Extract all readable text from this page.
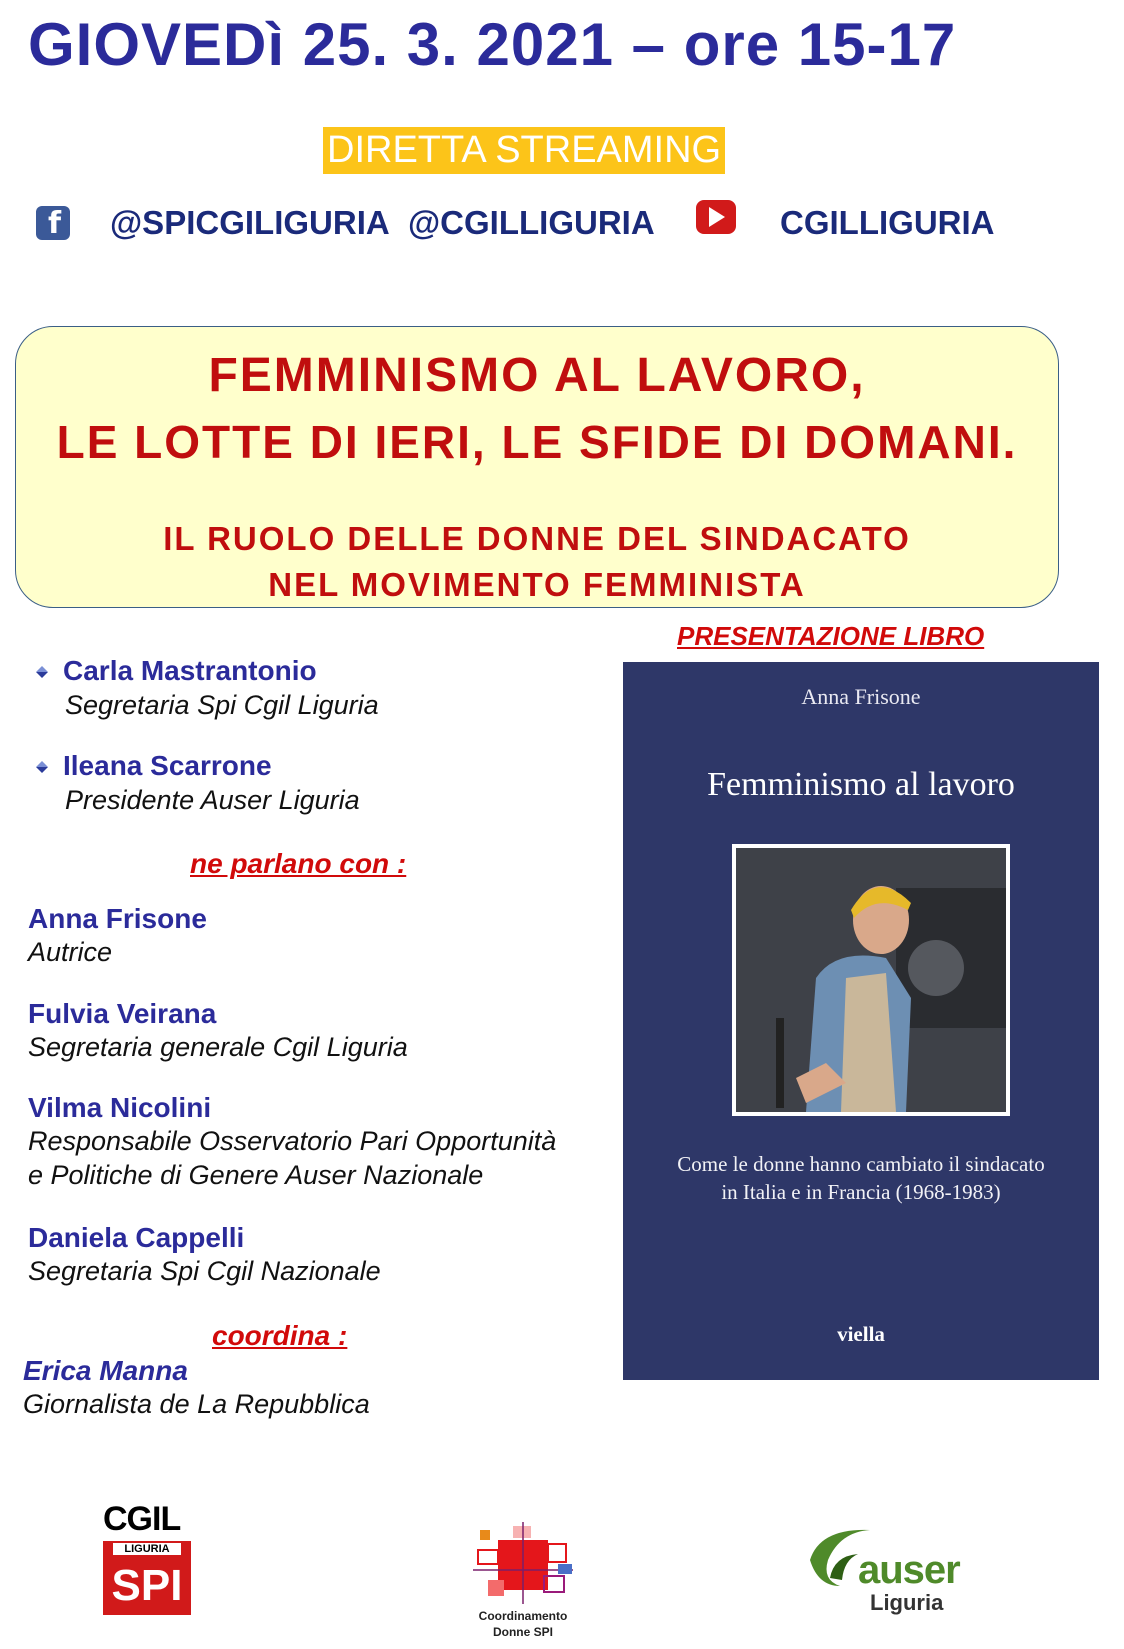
GIOVEDì 25. 3. 2021 – ore 15-17
DIRETTA STREAMING
f @SPICGILIGURIA @CGILLIGURIA	CGILLIGURIA
FEMMINISMO AL LAVORO,
LE LOTTE DI IERI, LE SFIDE DI DOMANI.
IL RUOLO DELLE DONNE DEL SINDACATO
NEL MOVIMENTO FEMMINISTA
Carla Mastrantonio
Segretaria Spi Cgil Liguria
Ileana Scarrone
Presidente Auser Liguria
ne parlano con :
Anna Frisone
Autrice
Fulvia Veirana
Segretaria generale Cgil Liguria
Vilma Nicolini
Responsabile Osservatorio Pari Opportunità
e Politiche di Genere Auser Nazionale
Daniela Cappelli
Segretaria Spi Cgil Nazionale
coordina :
Erica Manna
Giornalista de La Repubblica
PRESENTAZIONE LIBRO
Anna Frisone
Femminismo al lavoro
Come le donne hanno cambiato il sindacato
in Italia e in Francia (1968-1983)
viella
CGIL
LIGURIA
SPI
Coordinamento
Donne SPI
auser
Liguria
